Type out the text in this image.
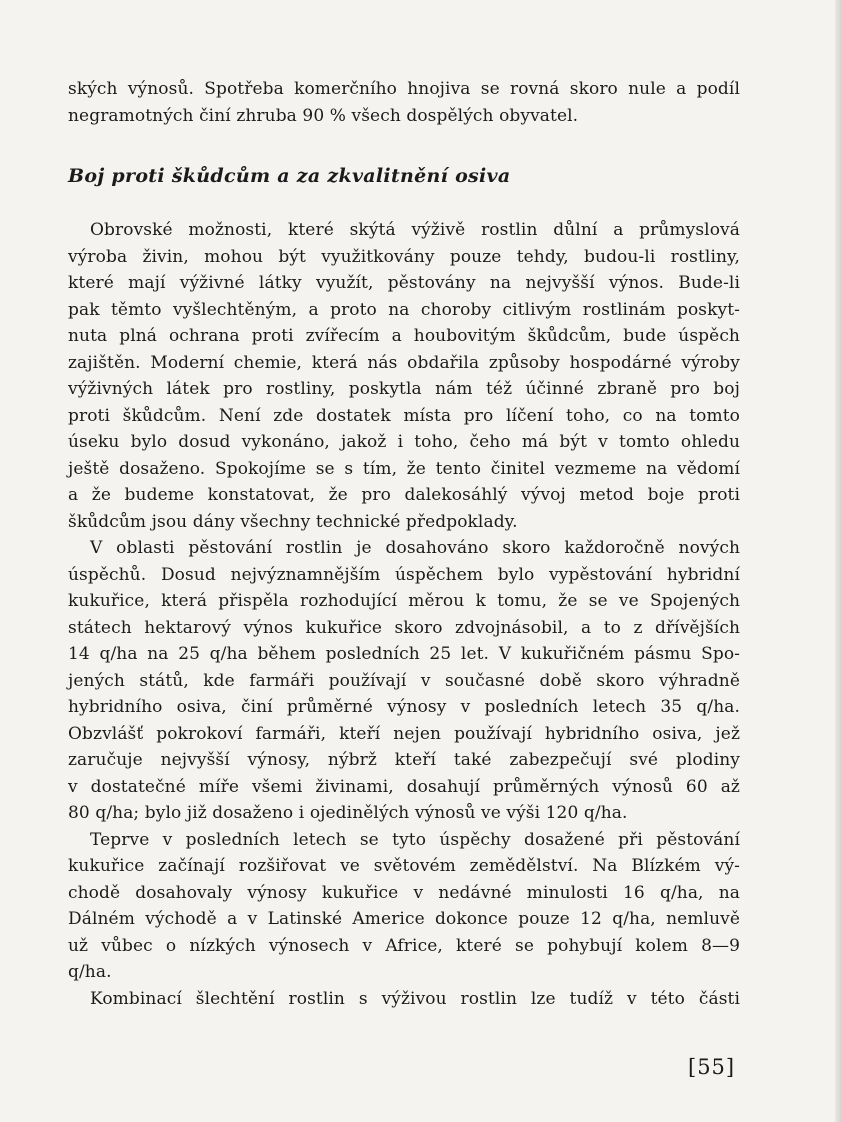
ských výnosů. Spotřeba komerčního hnojiva se rovná skoro nule a podíl

negramotných činí zhruba 90 % všech dospělých obyvatel.

Boj proti škůdcům a za zkvalitnění osiva

Obrovské možnosti, které skýtá výživě rostlin důlní a průmyslová

výroba živin, mohou být využitkovány pouze tehdy, budou-li rostliny,

které mají výživné látky využít, pěstovány na nejvyšší výnos. Bude-li

pak těmto vyšlechtěným, a proto na choroby citlivým rostlinám poskyt-

nuta plná ochrana proti zvířecím a houbovitým škůdcům, bude úspěch

zajištěn. Moderní chemie, která nás obdařila způsoby hospodárné výroby

výživných látek pro rostliny, poskytla nám též účinné zbraně pro boj

proti škůdcům. Není zde dostatek místa pro líčení toho, co na tomto

úseku bylo dosud vykonáno, jakož i toho, čeho má být v tomto ohledu

ještě dosaženo. Spokojíme se s tím, že tento činitel vezmeme na vědomí

a že budeme konstatovat, že pro dalekosáhlý vývoj metod boje proti

škůdcům jsou dány všechny technické předpoklady.

V oblasti pěstování rostlin je dosahováno skoro každoročně nových

úspěchů. Dosud nejvýznamnějším úspěchem bylo vypěstování hybridní

kukuřice, která přispěla rozhodující měrou k tomu, že se ve Spojených

státech hektarový výnos kukuřice skoro zdvojnásobil, a to z dřívějších

14 q/ha na 25 q/ha během posledních 25 let. V kukuřičném pásmu Spo-

jených států, kde farmáři používají v současné době skoro výhradně

hybridního osiva, činí průměrné výnosy v posledních letech 35 q/ha.

Obzvlášť pokrokoví farmáři, kteří nejen používají hybridního osiva, jež

zaručuje nejvyšší výnosy, nýbrž kteří také zabezpečují své plodiny

v dostatečné míře všemi živinami, dosahují průměrných výnosů 60 až

80 q/ha; bylo již dosaženo i ojedinělých výnosů ve výši 120 q/ha.

Teprve v posledních letech se tyto úspěchy dosažené při pěstování

kukuřice začínají rozšiřovat ve světovém zemědělství. Na Blízkém vý-

chodě dosahovaly výnosy kukuřice v nedávné minulosti 16 q/ha, na

Dálném východě a v Latinské Americe dokonce pouze 12 q/ha, nemluvě

už vůbec o nízkých výnosech v Africe, které se pohybují kolem 8—9

q/ha.

Kombinací šlechtění rostlin s výživou rostlin lze tudíž v této části

[55]
